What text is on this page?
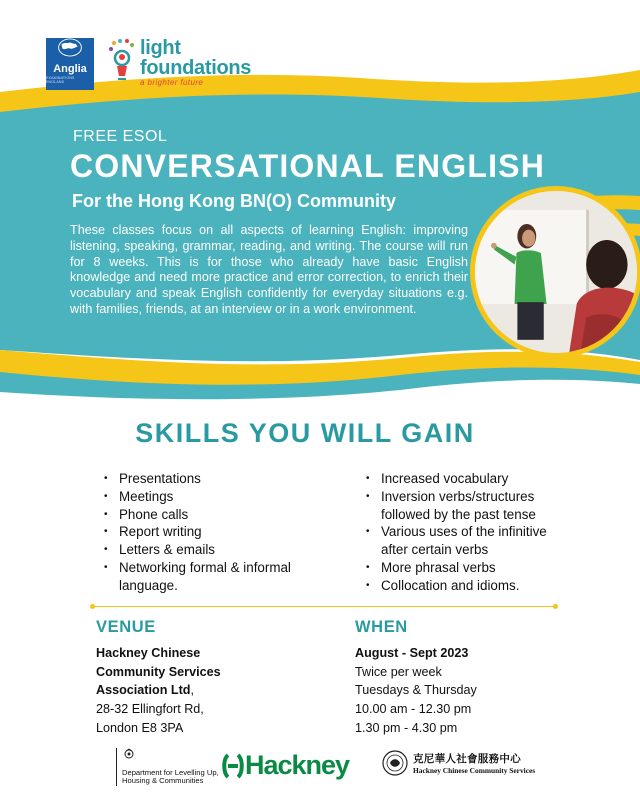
Anglia
EXAMINATIONS ENGLAND
light
foundations
a brighter future
FREE ESOL
CONVERSATIONAL ENGLISH
For the Hong Kong BN(O) Community

These classes focus on all aspects of learning English: improving listening, speaking, grammar, reading, and writing. The course will run for 8 weeks. This is for those who already have basic English knowledge and need more practice and error correction, to enrich their vocabulary and speak English confidently for everyday situations e.g. with families, friends, at an interview or in a work environment.

SKILLS YOU WILL GAIN
• Presentations
• Meetings
• Phone calls
• Report writing
• Letters & emails
• Networking formal & informal language.
• Increased vocabulary
• Inversion verbs/structures followed by the past tense
• Various uses of the infinitive after certain verbs
• More phrasal verbs
• Collocation and idioms.
VENUE
Hackney Chinese
Community Services
Association Ltd,
28-32 Ellingfort Rd,
London E8 3PA
WHEN
August - Sept 2023
Twice per week
Tuesdays & Thursday
10.00 am - 12.30 pm
1.30 pm - 4.30 pm
Department for Levelling Up,
Housing & Communities
Hackney	克尼華人社會服務中心
Hackney Chinese Community Services
